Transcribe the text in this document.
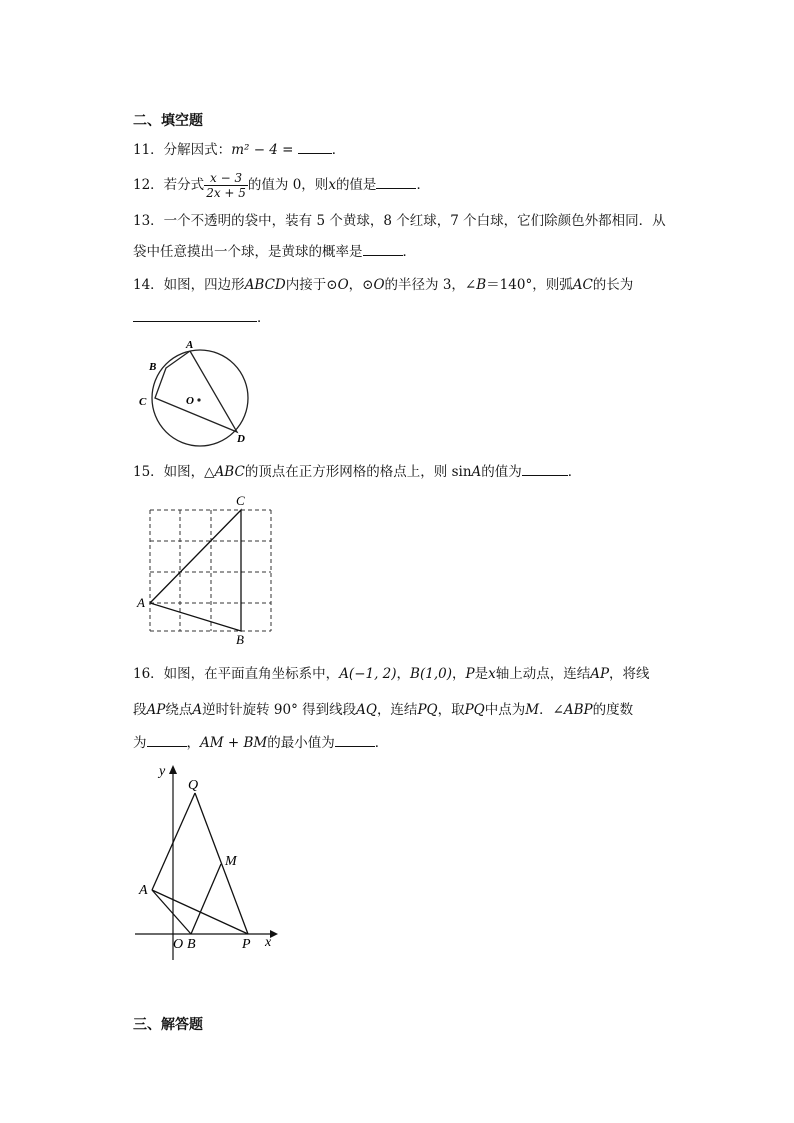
二、填空题
11．分解因式：m² − 4 =	．
12．若分式 $\frac{x - 3}{2x + 5}$ 的值为 0，则x的值是	．
13．一个不透明的袋中，装有 5 个黄球，8 个红球，7 个白球，它们除颜色外都相同．从
袋中任意摸出一个球，是黄球的概率是	．
14．如图，四边形ABCD内接于⊙O，⊙O的半径为 3，∠B＝140°，则弧AC的长为
．
A
B
C
D
O
15．如图，△ABC的顶点在正方形网格的格点上，则 sinA的值为	．
A
C
B
16．如图，在平面直角坐标系中，A(−1, 2)，B(1,0)，P是x轴上动点，连结AP，将线
段AP绕点A逆时针旋转 90° 得到线段AQ，连结PQ，取PQ中点为M．∠ABP的度数
为	，AM + BM的最小值为	．
y
Q
M
A
O B	P x
三、解答题
